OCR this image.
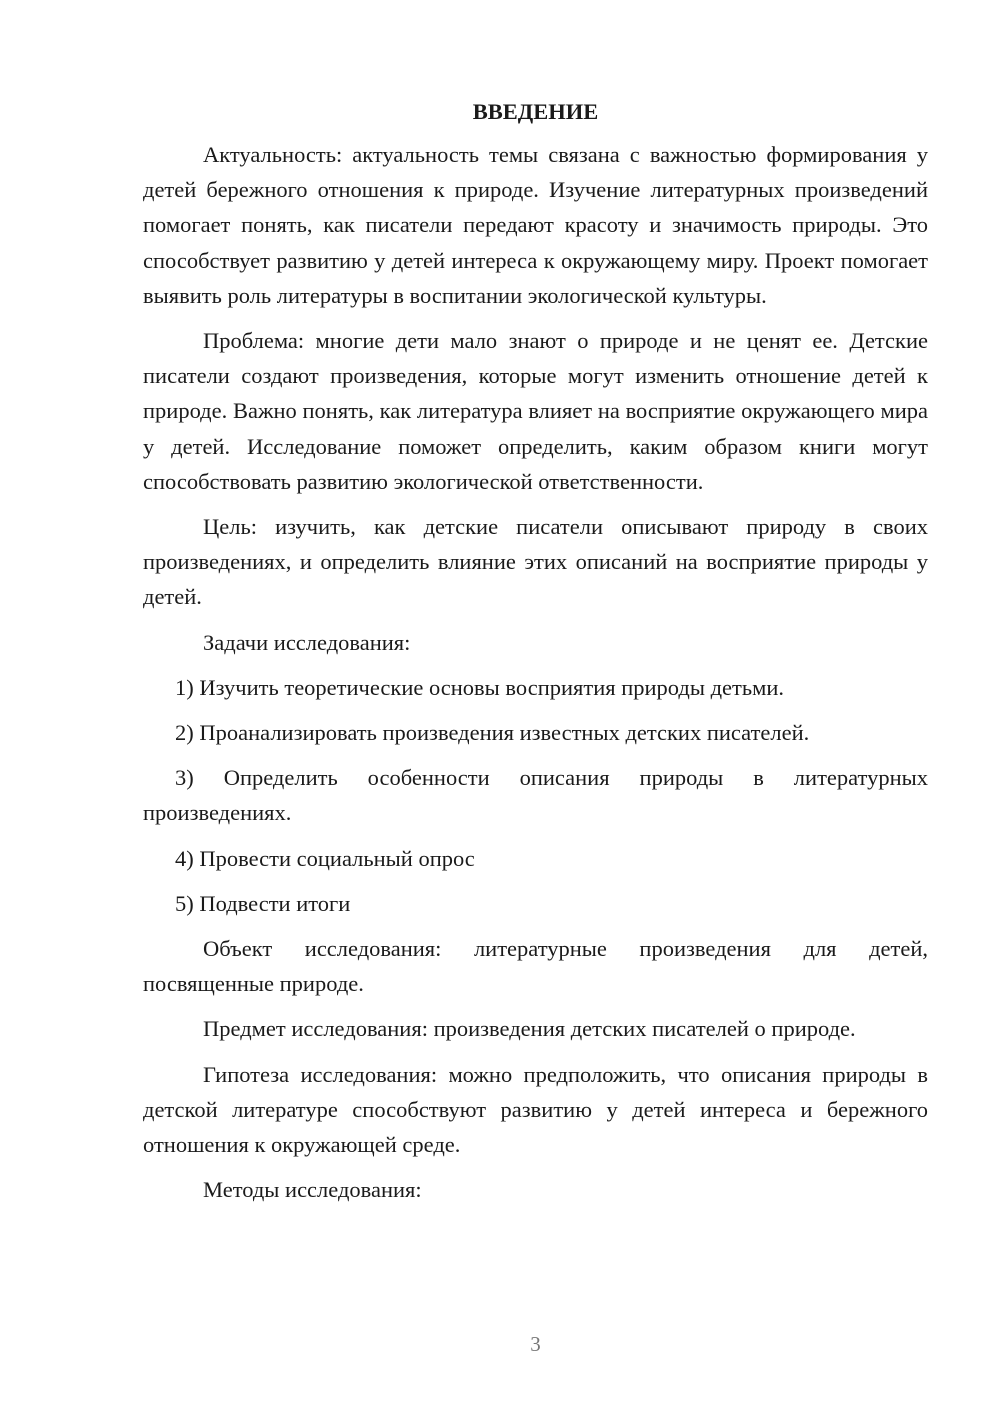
ВВЕДЕНИЕ

Актуальность: актуальность темы связана с важностью формирования у детей бережного отношения к природе. Изучение литературных произведений помогает понять, как писатели передают красоту и значимость природы. Это способствует развитию у детей интереса к окружающему миру. Проект помогает выявить роль литературы в воспитании экологической культуры.

Проблема: многие дети мало знают о природе и не ценят ее. Детские писатели создают произведения, которые могут изменить отношение детей к природе. Важно понять, как литература влияет на восприятие окружающего мира у детей. Исследование поможет определить, каким образом книги могут способствовать развитию экологической ответственности.

Цель: изучить, как детские писатели описывают природу в своих произведениях, и определить влияние этих описаний на восприятие природы у детей.

Задачи исследования:

1) Изучить теоретические основы восприятия природы детьми.

2) Проанализировать произведения известных детских писателей.

3) Определить особенности описания природы в литературных произведениях.

4) Провести социальный опрос

5) Подвести итоги

Объект исследования: литературные произведения для детей, посвященные природе.

Предмет исследования: произведения детских писателей о природе.

Гипотеза исследования: можно предположить, что описания природы в детской литературе способствуют развитию у детей интереса и бережного отношения к окружающей среде.

Методы исследования:

3
